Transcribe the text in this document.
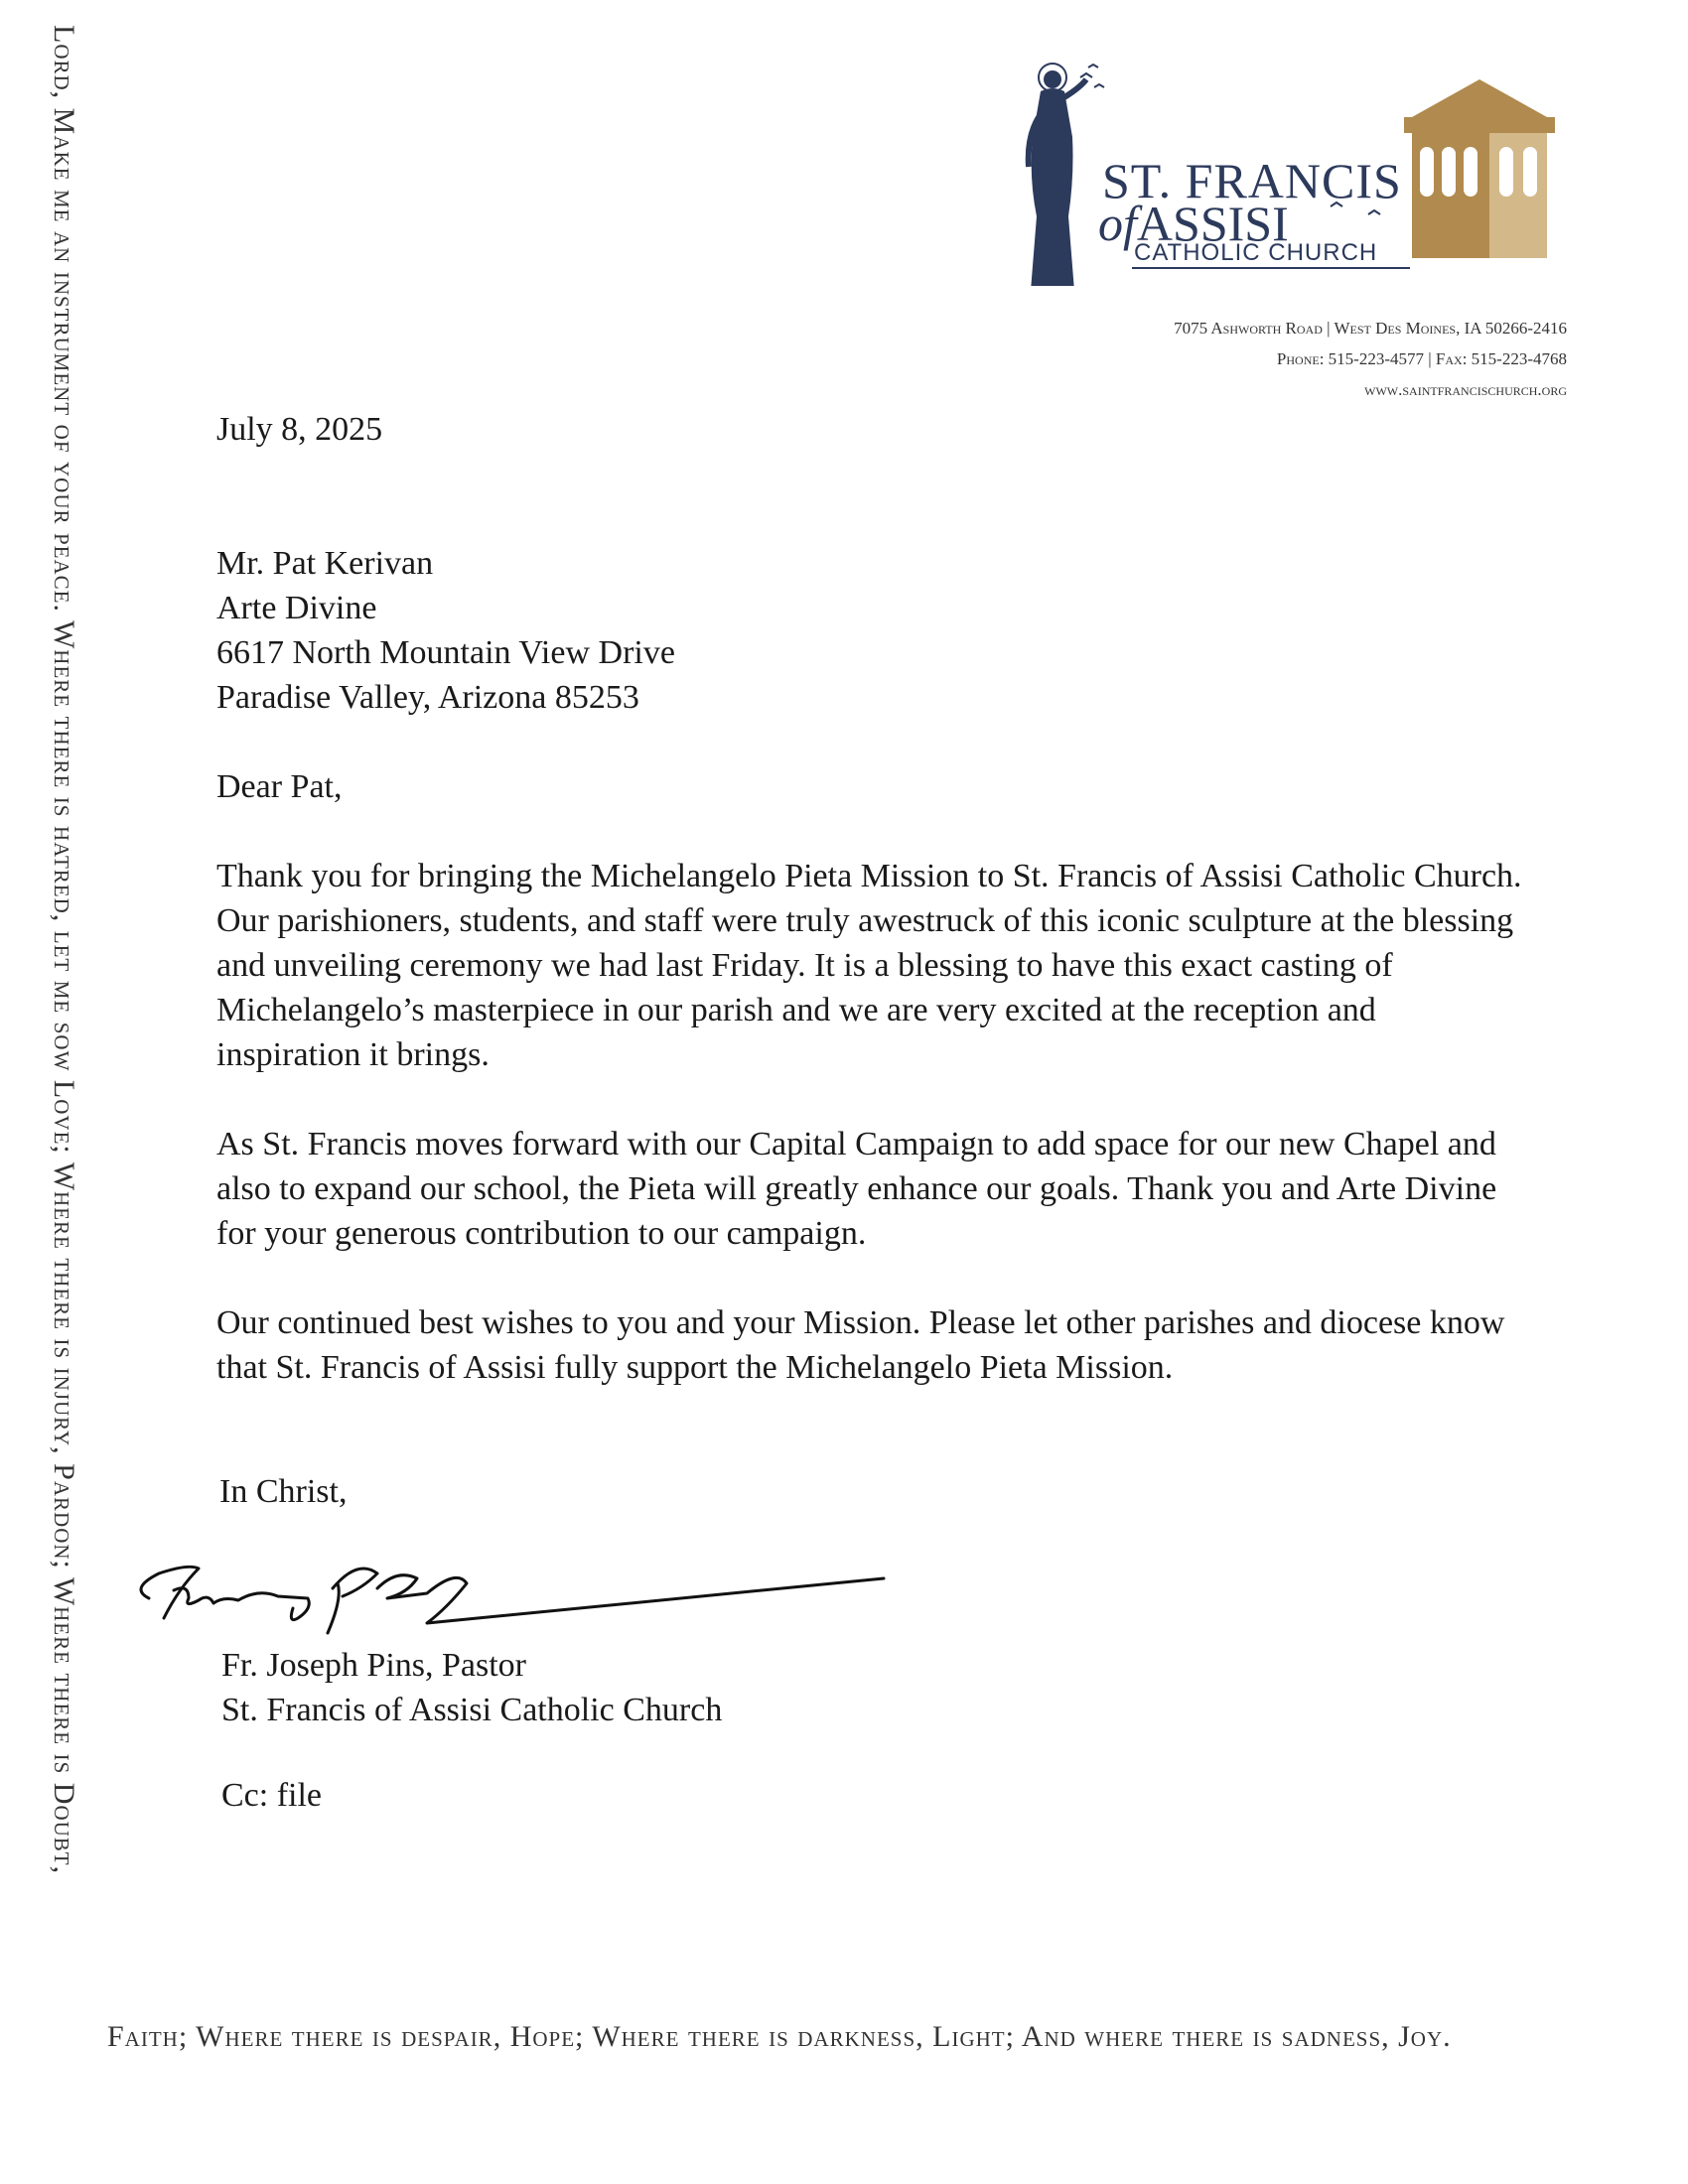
Lord, Make me an instrument of your peace. Where there is hatred, let me sow Love; Where there is injury, Pardon; Where there is Doubt,	ST. FRANCIS
ofASSISI
CATHOLIC CHURCH
7075 Ashworth Road | West Des Moines, IA 50266-2416
Phone: 515-223-4577 | Fax: 515-223-4768
www.saintfrancischurch.org
July 8, 2025
Mr. Pat Kerivan
Arte Divine
6617 North Mountain View Drive
Paradise Valley, Arizona 85253
Dear Pat,
Thank you for bringing the Michelangelo Pieta Mission to St. Francis of Assisi Catholic Church. Our parishioners, students, and staff were truly awestruck of this iconic sculpture at the blessing and unveiling ceremony we had last Friday. It is a blessing to have this exact casting of Michelangelo’s masterpiece in our parish and we are very excited at the reception and inspiration it brings.
As St. Francis moves forward with our Capital Campaign to add space for our new Chapel and also to expand our school, the Pieta will greatly enhance our goals. Thank you and Arte Divine for your generous contribution to our campaign.
Our continued best wishes to you and your Mission. Please let other parishes and diocese know that St. Francis of Assisi fully support the Michelangelo Pieta Mission.
In Christ,
Fr. Joseph Pins, Pastor
St. Francis of Assisi Catholic Church
Cc: file
Faith; Where there is despair, Hope; Where there is darkness, Light; And where there is sadness, Joy.
